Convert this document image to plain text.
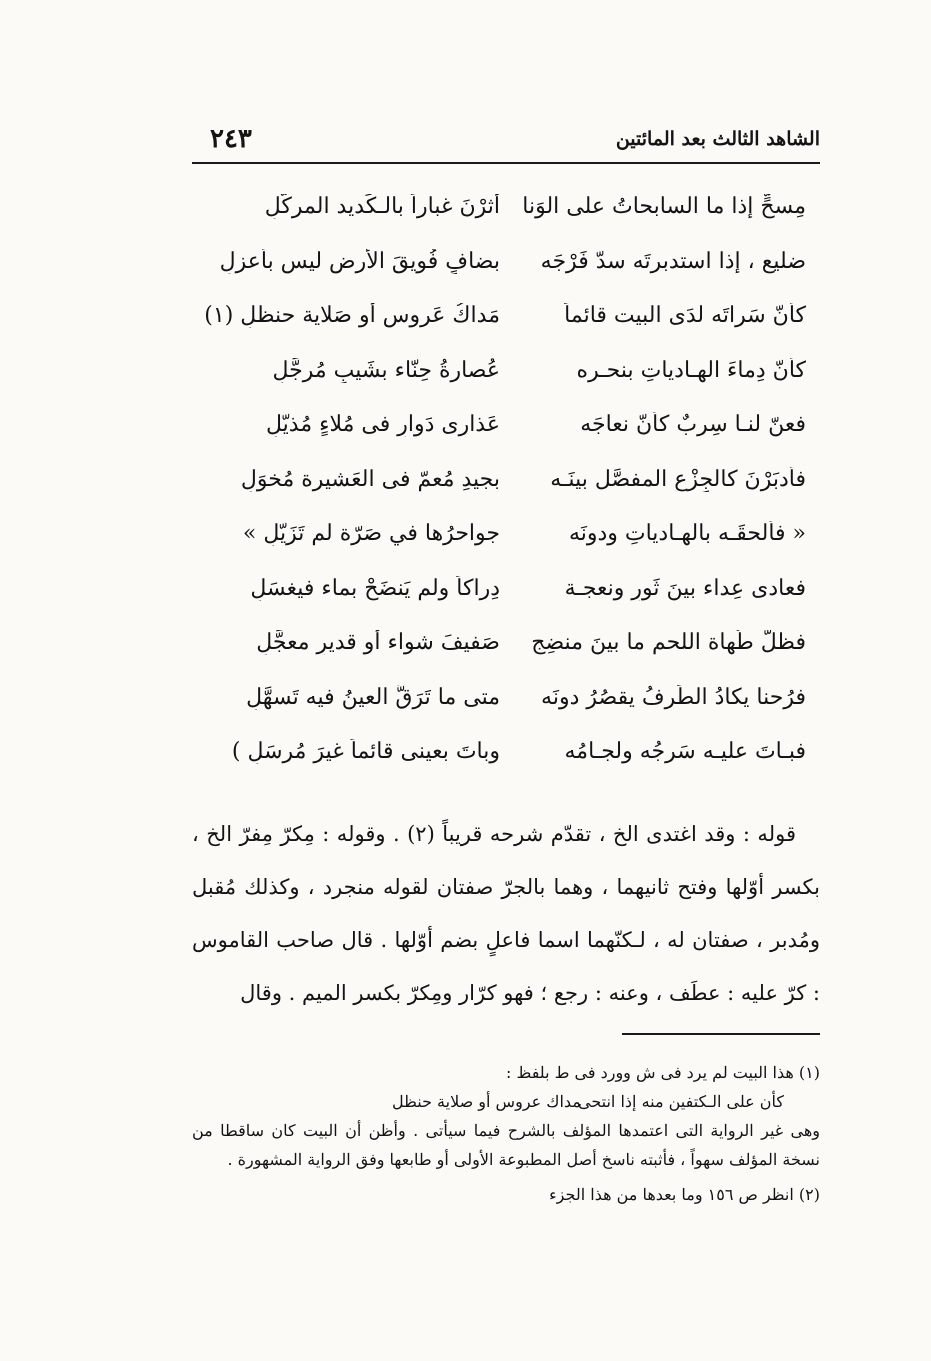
الشاهد الثالث بعد المائتين
٢٤٣
مِسحٍّ إذا ما السابحاتُ على الوَنا
أثرْنَ غباراً بالـكَديد المركّلِ
ضليعٍ ، إذا استدبرتَه سدّ فَرْجَه
بضافٍ فُويقَ الأرضِ ليس بأعزلِ
كأنّ سَراتَه لدَى البيت قائماً
مَداكُ عَروسٍ أو صَلاية حنظلِ (١)
كأنّ دِماءَ الهـادياتِ بنحـره
عُصارةُ حِنّاء بشَيبٍ مُرجَّلِ
فعنّ لنـا سِربٌ كأنّ نعاجَه
عَذارى دَوارٍ فى مُلاءٍ مُذيّلِ
فأدبَرْنَ كالجِزْعِ المفصَّل بينَـه
بجيدِ مُعمّ فى العَشيرة مُخوَلِ
« فألحقَـه بالهـادياتِ ودونَه
جواحرُها في صَرّة لم تَزَيّلِ »
فعادى عِداء بينَ ثَورٍ ونعجـة
دِراكاً ولم يَنضَحْ بماء فيغسَلِ
فظلّ طُهاة اللحمِ ما بينَ منضِجٍ
صَفيفَ شواء أو قديرٍ معجَّلِ
فرُحنا يكادُ الطَرفُ يقصُرُ دونَه
متى ما تَرَقَّ العينُ فيه تَسهَّلِ
فبـاتَ عليـه سَرجُه ولجـامُه
وباتَ بعينى قائماً غيرَ مُرسَلِ )

قوله : وقد اغتدى الخ ، تقدّم شرحه قريباً (٢) . وقوله : مِكرّ مِفرّ الخ ، بكسر أوّلها وفتح ثانيهما ، وهما بالجرّ صفتان لقوله منجرد ، وكذلك مُقبل ومُدبر ، صفتان له ، لـكنّهما اسما فاعلٍ بضم أوّلها . قال صاحب القاموس : كرّ عليه : عطَف ، وعنه : رجع ؛ فهو كرّار ومِكرّ بكسر الميم . وقال

(١) هذا البيت لم يرد فى ش وورد فى ط بلفظ :
كأن على الـكتفين منه إذا انتحى
مداك عروس أو صلاية حنظل
وهى غير الرواية التى اعتمدها المؤلف بالشرح فيما سيأتى . وأظن أن البيت كان ساقطا من نسخة المؤلف سهواً ، فأثبته ناسخ أصل المطبوعة الأولى أو طابعها وفق الرواية المشهورة .
(٢) انظر ص ١٥٦ وما بعدها من هذا الجزء
